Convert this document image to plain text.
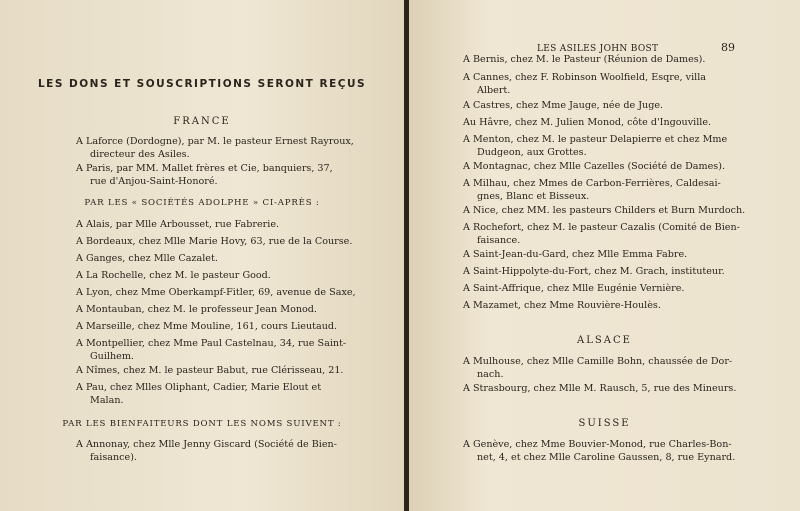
LES DONS ET SOUSCRIPTIONS SERONT REÇUS
FRANCE
A Laforce (Dordogne), par M. le pasteur Ernest Rayroux,
directeur des Asiles.
A Paris, par MM. Mallet frères et Cie, banquiers, 37,
rue d'Anjou-Saint-Honoré.
PAR LES « SOCIÉTÉS ADOLPHE » CI-APRÈS :
A Alais, par Mlle Arbousset, rue Fabrerie.
A Bordeaux, chez Mlle Marie Hovy, 63, rue de la Course.
A Ganges, chez Mlle Cazalet.
A La Rochelle, chez M. le pasteur Good.
A Lyon, chez Mme Oberkampf-Fitler, 69, avenue de Saxe,
A Montauban, chez M. le professeur Jean Monod.
A Marseille, chez Mme Mouline, 161, cours Lieutaud.
A Montpellier, chez Mme Paul Castelnau, 34, rue Saint-
Guilhem.
A Nîmes, chez M. le pasteur Babut, rue Clérisseau, 21.
A Pau, chez Mlles Oliphant, Cadier, Marie Elout et
Malan.
PAR LES BIENFAITEURS DONT LES NOMS SUIVENT :
A Annonay, chez Mlle Jenny Giscard (Société de Bien-
faisance).
LES ASILES JOHN BOST	89
A Bernis, chez M. le Pasteur (Réunion de Dames).
A Cannes, chez F. Robinson Woolfield, Esqre, villa
Albert.
A Castres, chez Mme Jauge, née de Juge.
Au Hâvre, chez M. Julien Monod, côte d'Ingouville.
A Menton, chez M. le pasteur Delapierre et chez Mme
Dudgeon, aux Grottes.
A Montagnac, chez Mlle Cazelles (Société de Dames).
A Milhau, chez Mmes de Carbon-Ferrières, Caldesai-
gnes, Blanc et Bisseux.
A Nice, chez MM. les pasteurs Childers et Burn Murdoch.
A Rochefort, chez M. le pasteur Cazalis (Comité de Bien-
faisance.
A Saint-Jean-du-Gard, chez Mlle Emma Fabre.
A Saint-Hippolyte-du-Fort, chez M. Grach, instituteur.
A Saint-Affrique, chez Mlle Eugénie Vernière.
A Mazamet, chez Mme Rouvière-Houlès.
ALSACE
A Mulhouse, chez Mlle Camille Bohn, chaussée de Dor-
nach.
A Strasbourg, chez Mlle M. Rausch, 5, rue des Mineurs.
SUISSE
A Genève, chez Mme Bouvier-Monod, rue Charles-Bon-
net, 4, et chez Mlle Caroline Gaussen, 8, rue Eynard.
